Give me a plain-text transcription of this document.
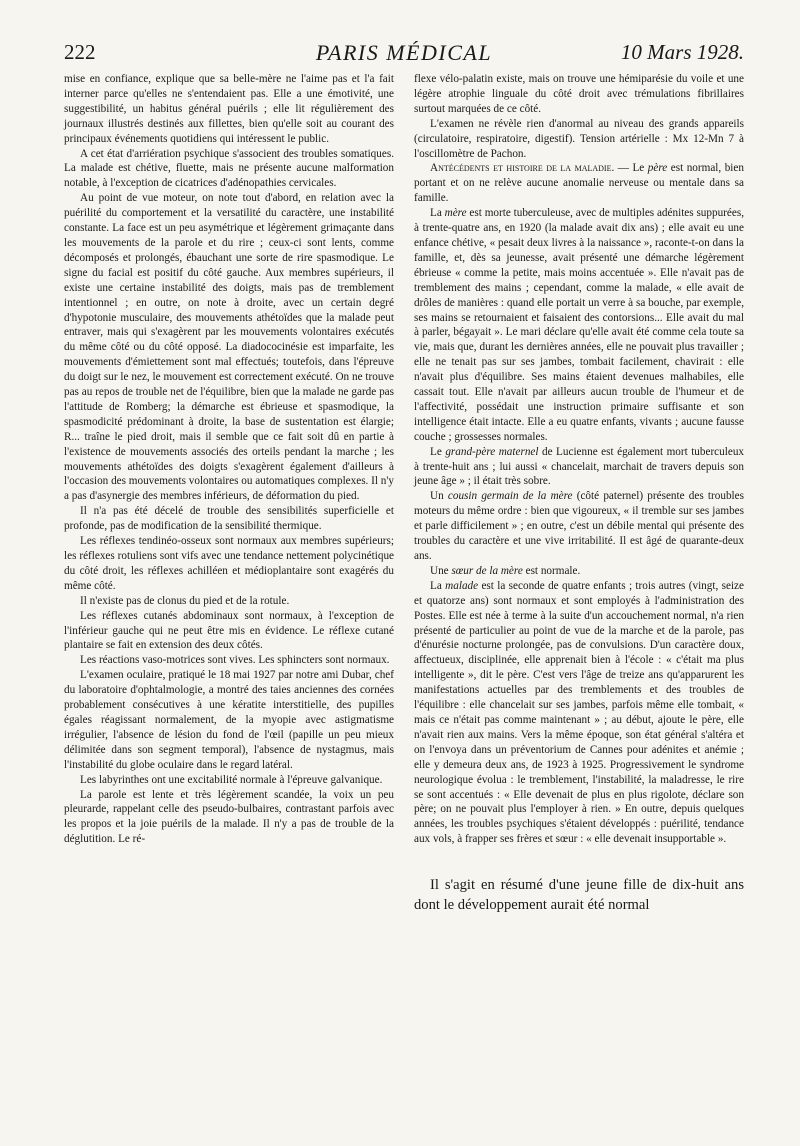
222	PARIS MÉDICAL	10 Mars 1928.

mise en confiance, explique que sa belle-mère ne l'aime pas et l'a fait interner parce qu'elles ne s'entendaient pas. Elle a une émotivité, une suggestibilité, un habitus général puérils ; elle lit régulièrement des journaux illustrés destinés aux fillettes, bien qu'elle soit au courant des principaux événements quotidiens qui intéressent le public.

A cet état d'arriération psychique s'associent des troubles somatiques. La malade est chétive, fluette, mais ne présente aucune malformation notable, à l'exception de cicatrices d'adénopathies cervicales.

Au point de vue moteur, on note tout d'abord, en relation avec la puérilité du comportement et la versatilité du caractère, une instabilité constante. La face est un peu asymétrique et légèrement grimaçante dans les mouvements de la parole et du rire ; ceux-ci sont lents, comme décomposés et prolongés, ébauchant une sorte de rire spasmodique. Le signe du facial est positif du côté gauche. Aux membres supérieurs, il existe une certaine instabilité des doigts, mais pas de tremblement intentionnel ; en outre, on note à droite, avec un certain degré d'hypotonie musculaire, des mouvements athétoïdes que la malade peut entraver, mais qui s'exagèrent par les mouvements volontaires exécutés du même côté ou du côté opposé. La diadococinésie est imparfaite, les mouvements d'émiettement sont mal effectués; toutefois, dans l'épreuve du doigt sur le nez, le mouvement est correctement exécuté. On ne trouve pas au repos de trouble net de l'équilibre, bien que la malade ne garde pas l'attitude de Romberg; la démarche est ébrieuse et spasmodique, la spasmodicité prédominant à droite, la base de sustentation est élargie; R... traîne le pied droit, mais il semble que ce fait soit dû en partie à l'existence de mouvements associés des orteils pendant la marche ; les mouvements athétoïdes des doigts s'exagèrent également d'ailleurs à l'occasion des mouvements volontaires ou automatiques complexes. Il n'y a pas d'asynergie des membres inférieurs, de déformation du pied.

Il n'a pas été décelé de trouble des sensibilités superficielle et profonde, pas de modification de la sensibilité thermique.

Les réflexes tendinéo-osseux sont normaux aux membres supérieurs; les réflexes rotuliens sont vifs avec une tendance nettement polycinétique du côté droit, les réflexes achilléen et médioplantaire sont exagérés du même côté.

Il n'existe pas de clonus du pied et de la rotule.

Les réflexes cutanés abdominaux sont normaux, à l'exception de l'inférieur gauche qui ne peut être mis en évidence. Le réflexe cutané plantaire se fait en extension des deux côtés.

Les réactions vaso-motrices sont vives. Les sphincters sont normaux.

L'examen oculaire, pratiqué le 18 mai 1927 par notre ami Dubar, chef du laboratoire d'ophtalmologie, a montré des taies anciennes des cornées probablement consécutives à une kératite interstitielle, des pupilles égales réagissant normalement, de la myopie avec astigmatisme irrégulier, l'absence de lésion du fond de l'œil (papille un peu mieux délimitée dans son segment temporal), l'absence de nystagmus, mais l'instabilité du globe oculaire dans le regard latéral.

Les labyrinthes ont une excitabilité normale à l'épreuve galvanique.

La parole est lente et très légèrement scandée, la voix un peu pleurarde, rappelant celle des pseudo-bulbaires, contrastant parfois avec les propos et la joie puérils de la malade. Il n'y a pas de trouble de la déglutition. Le ré-

flexe vélo-palatin existe, mais on trouve une hémiparésie du voile et une légère atrophie linguale du côté droit avec trémulations fibrillaires surtout marquées de ce côté.

L'examen ne révèle rien d'anormal au niveau des grands appareils (circulatoire, respiratoire, digestif). Tension artérielle : Mx 12-Mn 7 à l'oscillomètre de Pachon.

Antécédents et histoire de la maladie. — Le père est normal, bien portant et on ne relève aucune anomalie nerveuse ou mentale dans sa famille.

La mère est morte tuberculeuse, avec de multiples adénites suppurées, à trente-quatre ans, en 1920 (la malade avait dix ans) ; elle avait eu une enfance chétive, « pesait deux livres à la naissance », raconte-t-on dans la famille, et, dès sa jeunesse, avait présenté une démarche légèrement ébrieuse « comme la petite, mais moins accentuée ». Elle n'avait pas de tremblement des mains ; cependant, comme la malade, « elle avait de drôles de manières : quand elle portait un verre à sa bouche, par exemple, ses mains se retournaient et faisaient des contorsions... Elle avait du mal à parler, bégayait ». Le mari déclare qu'elle avait été comme cela toute sa vie, mais que, durant les dernières années, elle ne pouvait plus travailler ; elle ne tenait pas sur ses jambes, tombait facilement, chavirait : elle n'avait plus d'équilibre. Ses mains étaient devenues malhabiles, elle cassait tout. Elle n'avait par ailleurs aucun trouble de l'humeur et de l'affectivité, possédait une instruction primaire suffisante et son intelligence était intacte. Elle a eu quatre enfants, vivants ; aucune fausse couche ; grossesses normales.

Le grand-père maternel de Lucienne est également mort tuberculeux à trente-huit ans ; lui aussi « chancelait, marchait de travers depuis son jeune âge » ; il était très sobre.

Un cousin germain de la mère (côté paternel) présente des troubles moteurs du même ordre : bien que vigoureux, « il tremble sur ses jambes et parle difficilement » ; en outre, c'est un débile mental qui présente des troubles du caractère et une vive irritabilité. Il est âgé de quarante-deux ans.

Une sœur de la mère est normale.

La malade est la seconde de quatre enfants ; trois autres (vingt, seize et quatorze ans) sont normaux et sont employés à l'administration des Postes. Elle est née à terme à la suite d'un accouchement normal, n'a rien présenté de particulier au point de vue de la marche et de la parole, pas d'énurésie nocturne prolongée, pas de convulsions. D'un caractère doux, affectueux, disciplinée, elle apprenait bien à l'école : « c'était ma plus intelligente », dit le père. C'est vers l'âge de treize ans qu'apparurent les manifestations actuelles par des tremblements et des troubles de l'équilibre : elle chancelait sur ses jambes, parfois même elle tombait, « mais ce n'était pas comme maintenant » ; au début, ajoute le père, elle n'avait rien aux mains. Vers la même époque, son état général s'altéra et on l'envoya dans un préventorium de Cannes pour adénites et anémie ; elle y demeura deux ans, de 1923 à 1925. Progressivement le syndrome neurologique évolua : le tremblement, l'instabilité, la maladresse, le rire se sont accentués : « Elle devenait de plus en plus rigolote, déclare son père; on ne pouvait plus l'employer à rien. » En outre, depuis quelques années, les troubles psychiques s'étaient développés : puérilité, tendance aux vols, à frapper ses frères et sœur : « elle devenait insupportable ».

Il s'agit en résumé d'une jeune fille de dix-huit ans dont le développement aurait été normal
